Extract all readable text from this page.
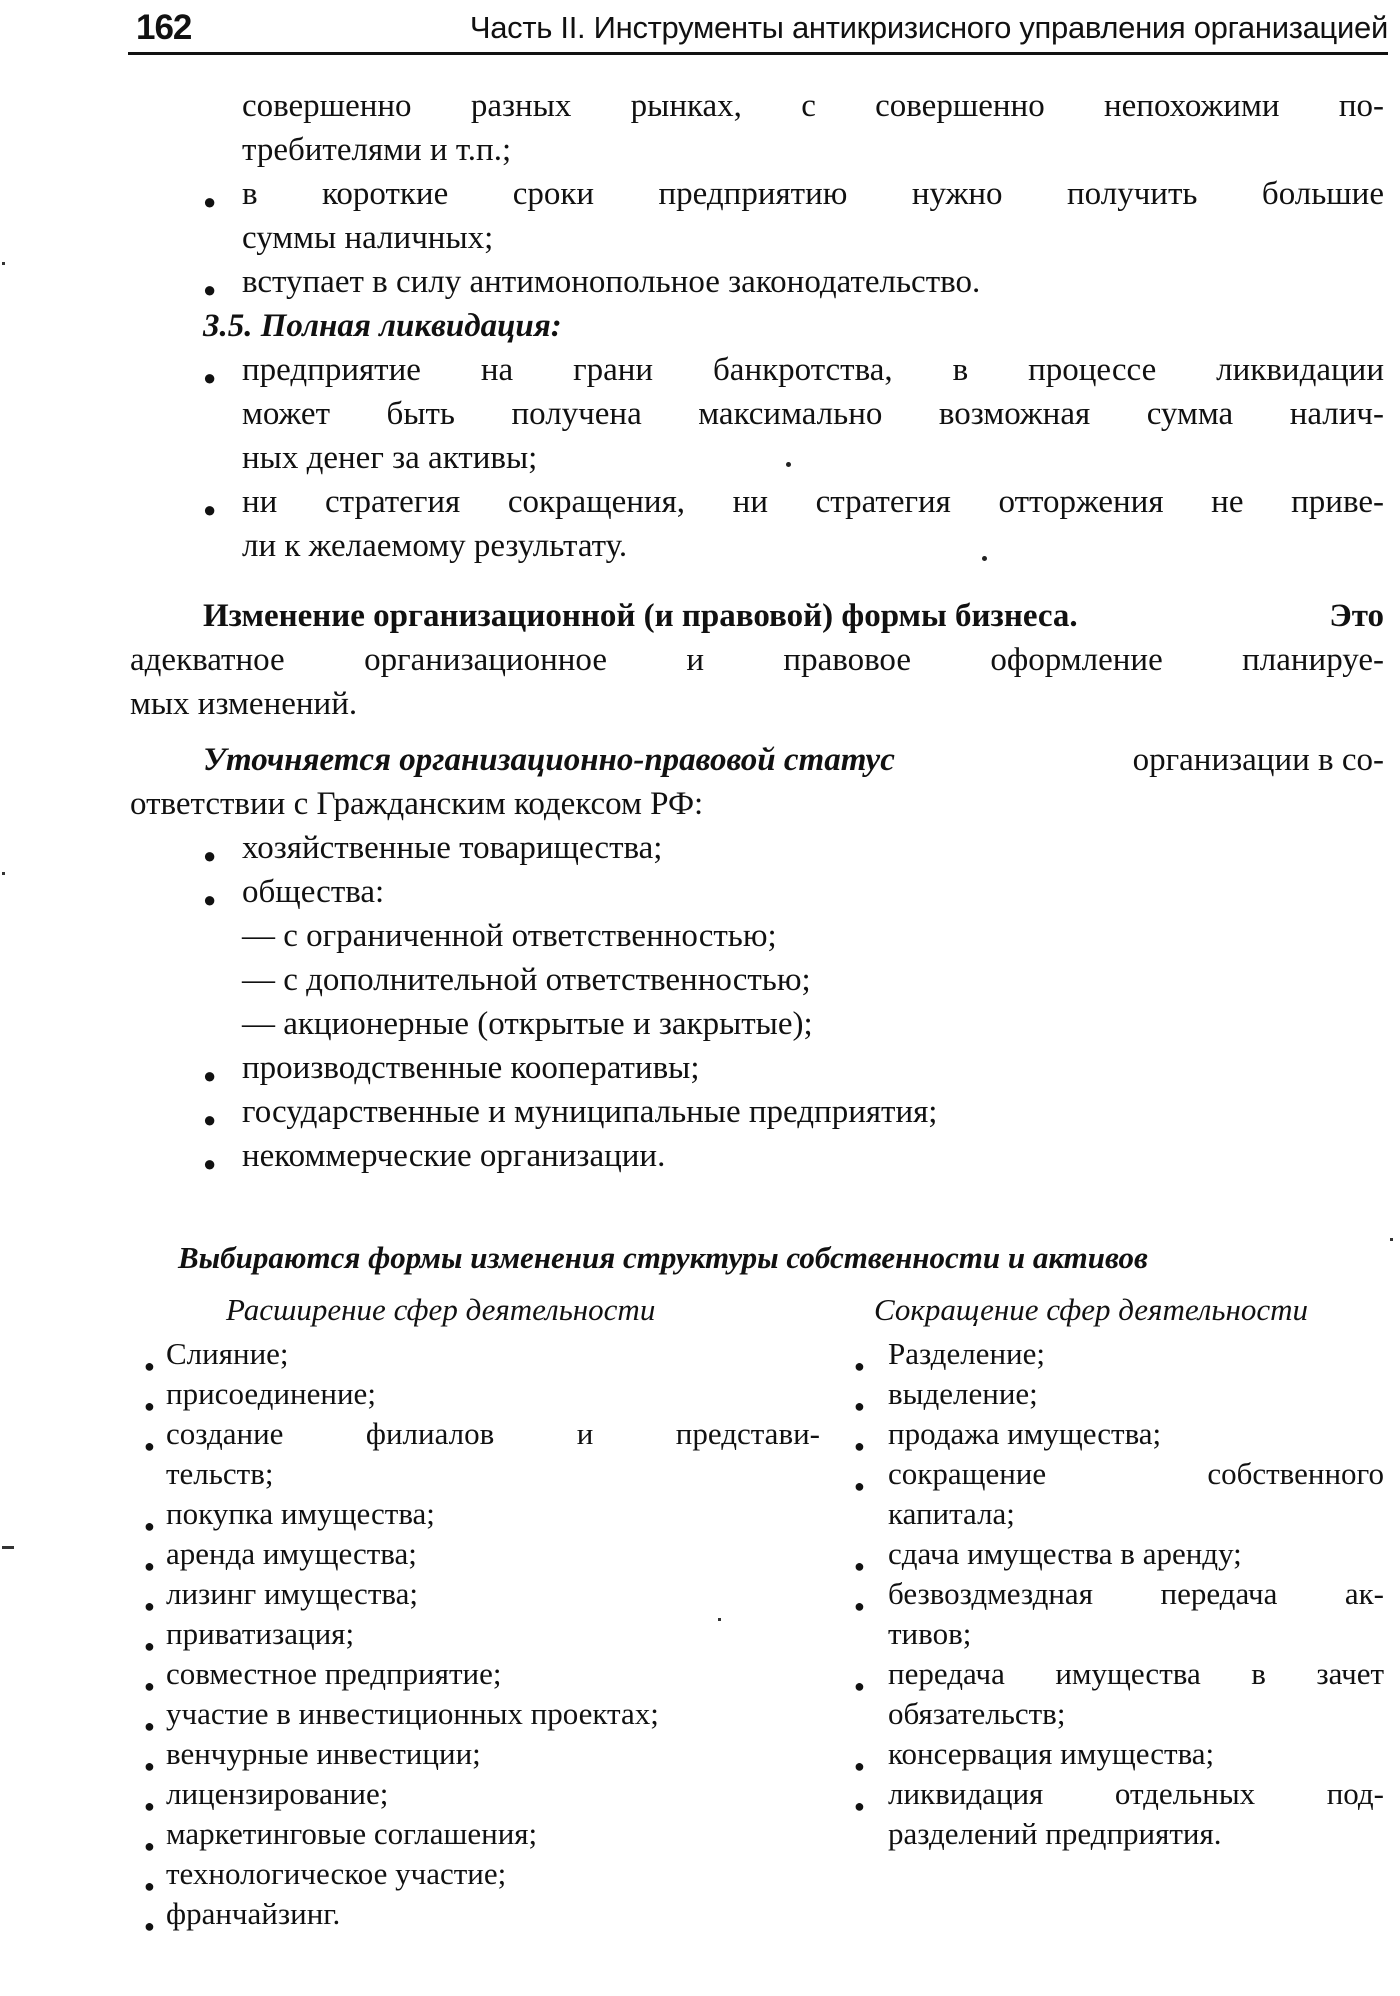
162	Часть II. Инструменты антикризисного управления организацией
совершенно разных рынках, с совершенно непохожими по-
требителями и т.п.;
● в короткие сроки предприятию нужно получить большие
суммы наличных;
● вступает в силу антимонопольное законодательство.
3.5. Полная ликвидация:
● предприятие на грани банкротства, в процессе ликвидации
может быть получена максимально возможная сумма налич-
ных денег за активы;
● ни стратегия сокращения, ни стратегия отторжения не приве-
ли к желаемому результату.
Изменение организационной (и правовой) формы бизнеса.	Это
адекватное организационное и правовое оформление планируе-
мых изменений.
Уточняется организационно-правовой статус	организации в со-
ответствии с Гражданским кодексом РФ:
● хозяйственные товарищества;
● общества:
— с ограниченной ответственностью;
— с дополнительной ответственностью;
— акционерные (открытые и закрытые);
● производственные кооперативы;
● государственные и муниципальные предприятия;
● некоммерческие организации.
Выбираются формы изменения структуры собственности и активов
Расширение сфер деятельности	Сокращение сфер деятельности
● Слияние;
● присоединение;
● создание филиалов и представи-
тельств;
● покупка имущества;
● аренда имущества;
● лизинг имущества;
● приватизация;
● совместное предприятие;
● участие в инвестиционных проектах;
● венчурные инвестиции;
● лицензирование;
● маркетинговые соглашения;
● технологическое участие;
● франчайзинг.
● Разделение;
● выделение;
● продажа имущества;
● сокращение собственного
капитала;
● сдача имущества в аренду;
● безвоздмездная передача ак-
тивов;
● передача имущества в зачет
обязательств;
● консервация имущества;
● ликвидация отдельных под-
разделений предприятия.
